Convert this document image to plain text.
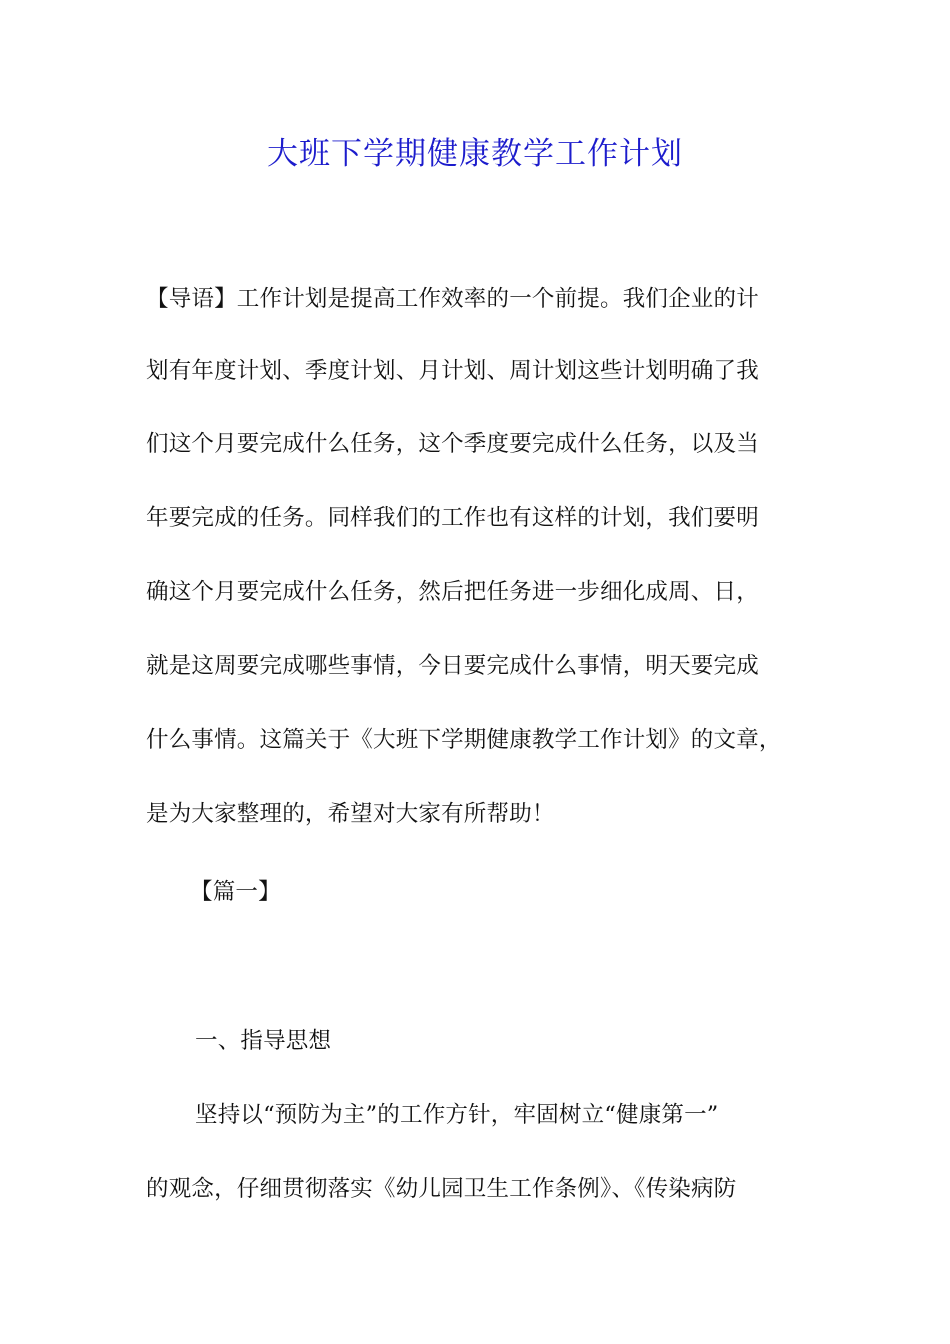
大班下学期健康教学工作计划
【导语】工作计划是提高工作效率的一个前提。我们企业的计
划有年度计划、季度计划、月计划、周计划这些计划明确了我
们这个月要完成什么任务，这个季度要完成什么任务，以及当
年要完成的任务。同样我们的工作也有这样的计划，我们要明
确这个月要完成什么任务，然后把任务进一步细化成周、日，
就是这周要完成哪些事情，今日要完成什么事情，明天要完成
什么事情。这篇关于《大班下学期健康教学工作计划》的文章，
是为大家整理的，希望对大家有所帮助！
【篇一】
一、指导思想
坚持以“预防为主”的工作方针，牢固树立“健康第一”
的观念，仔细贯彻落实《幼儿园卫生工作条例》、《传染病防
